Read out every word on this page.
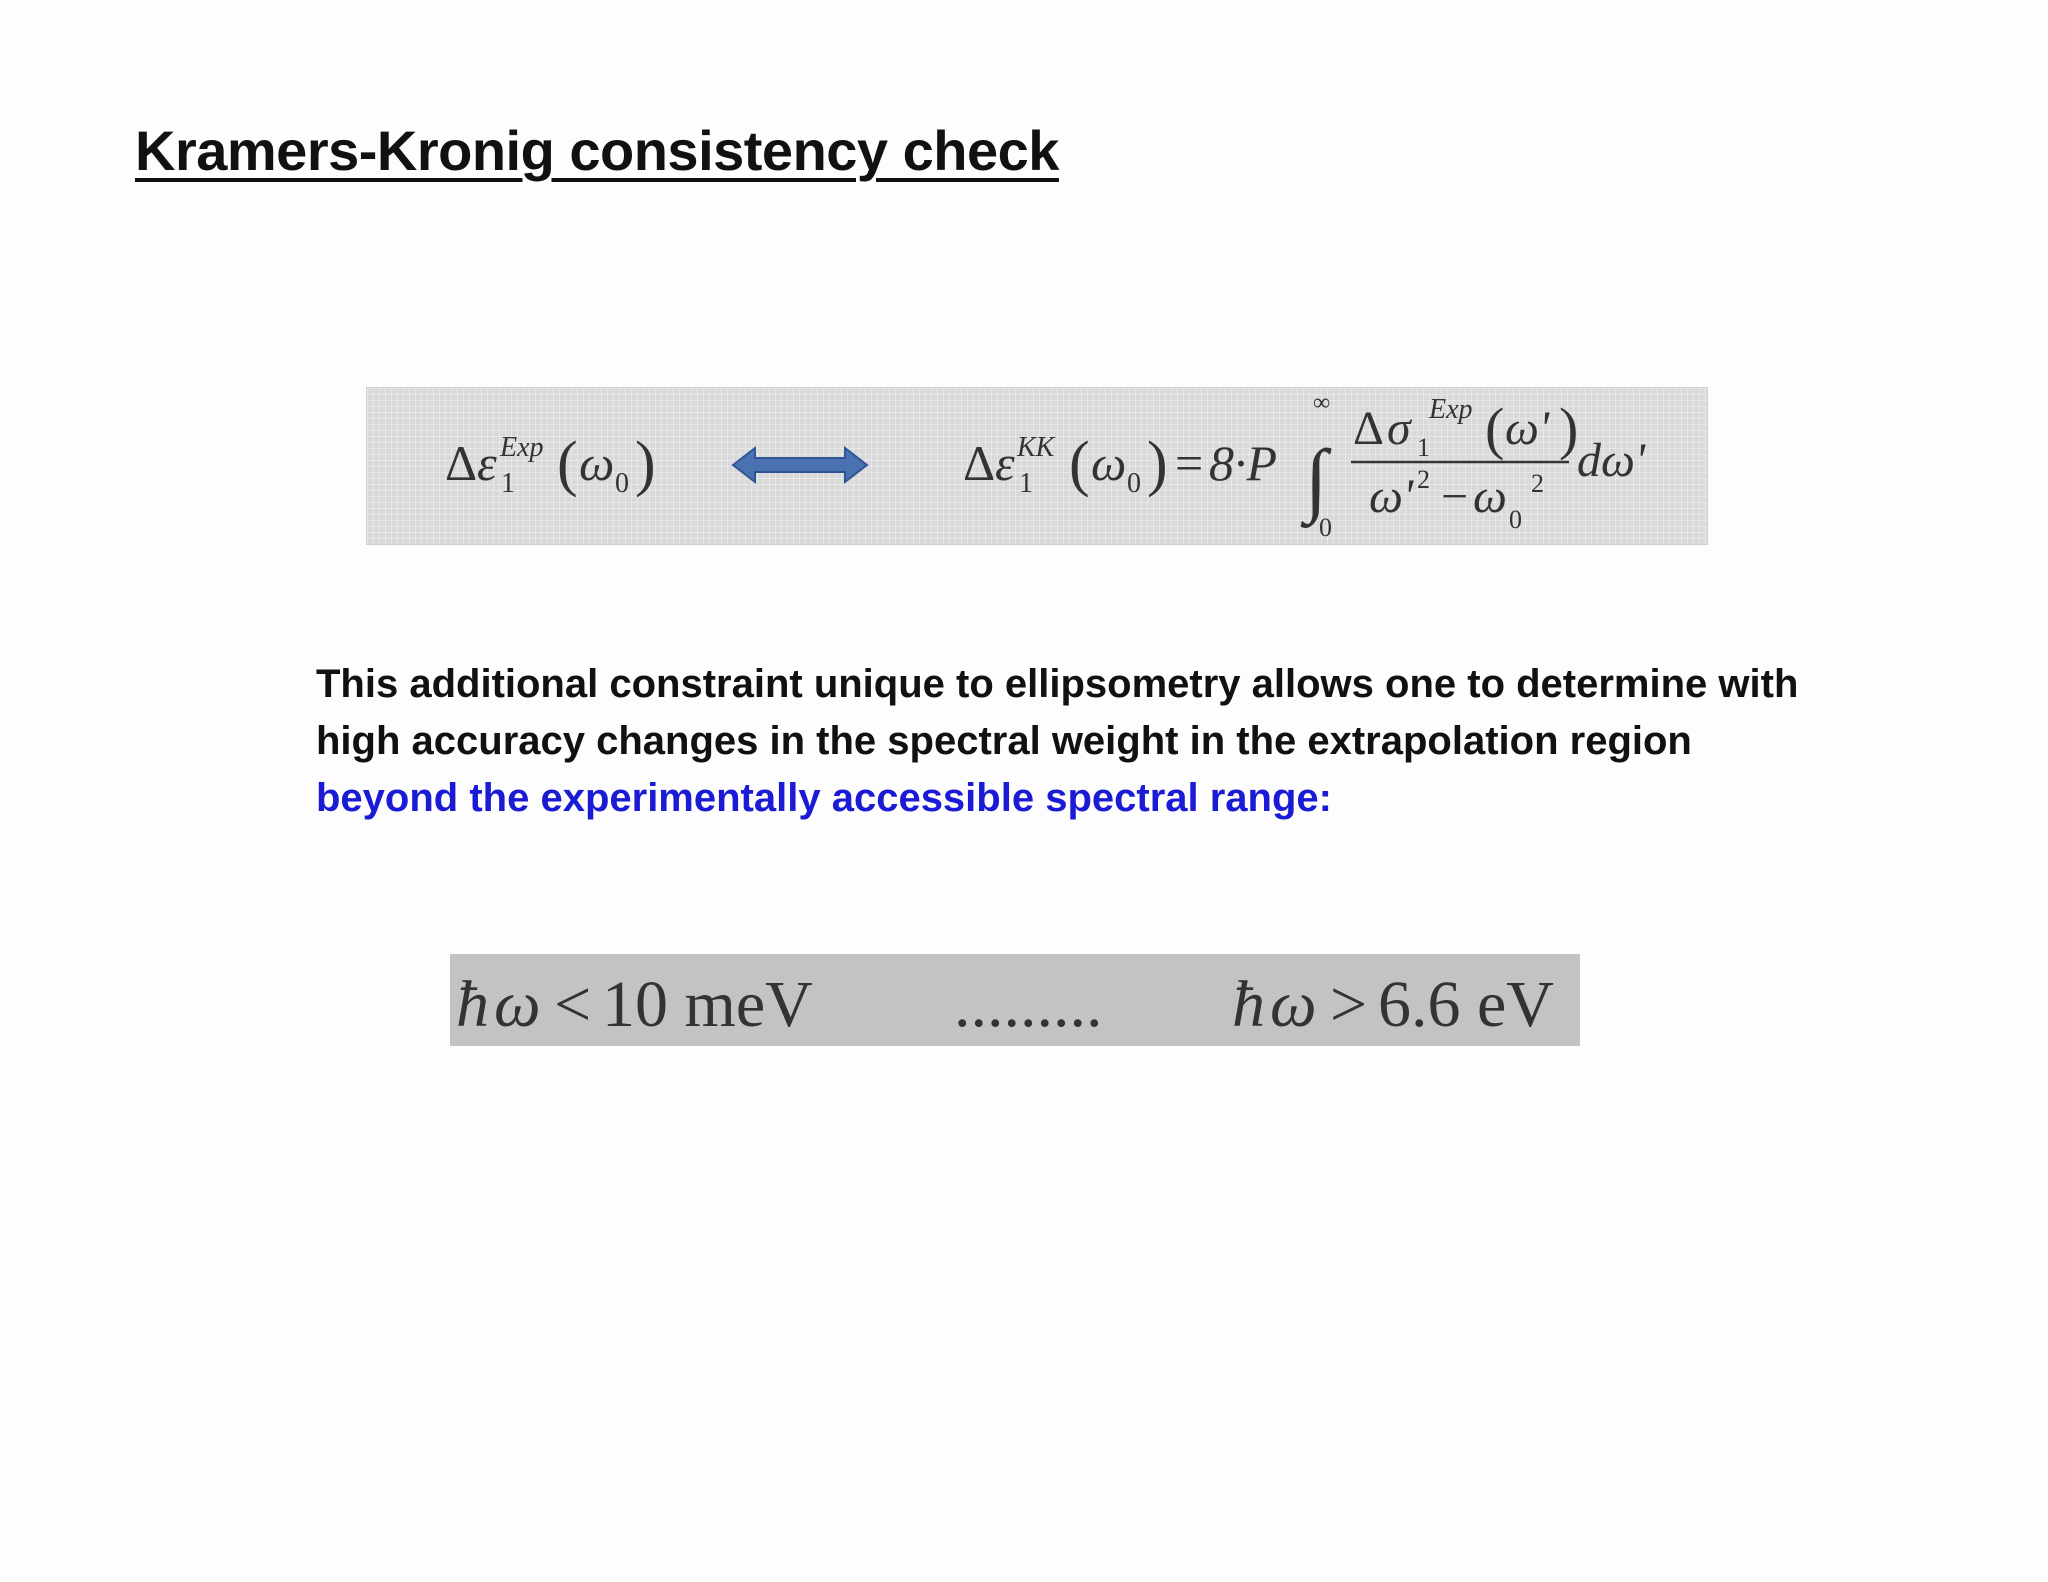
Kramers-Kronig consistency check
Δ ε 1
Exp ( ω 0 )	Δ ε 1
KK ( ω 0 ) = 8·P
∞
∫
0
Δ σ 1
Exp ( ω' )
ω' 2 − ω 0
2 dω'
This additional constraint unique to ellipsometry allows one to determine with high accuracy changes in the spectral weight in the extrapolation region beyond the experimentally accessible spectral range:
ħ ω < 10 meV ......... ħ ω > 6.6 eV
